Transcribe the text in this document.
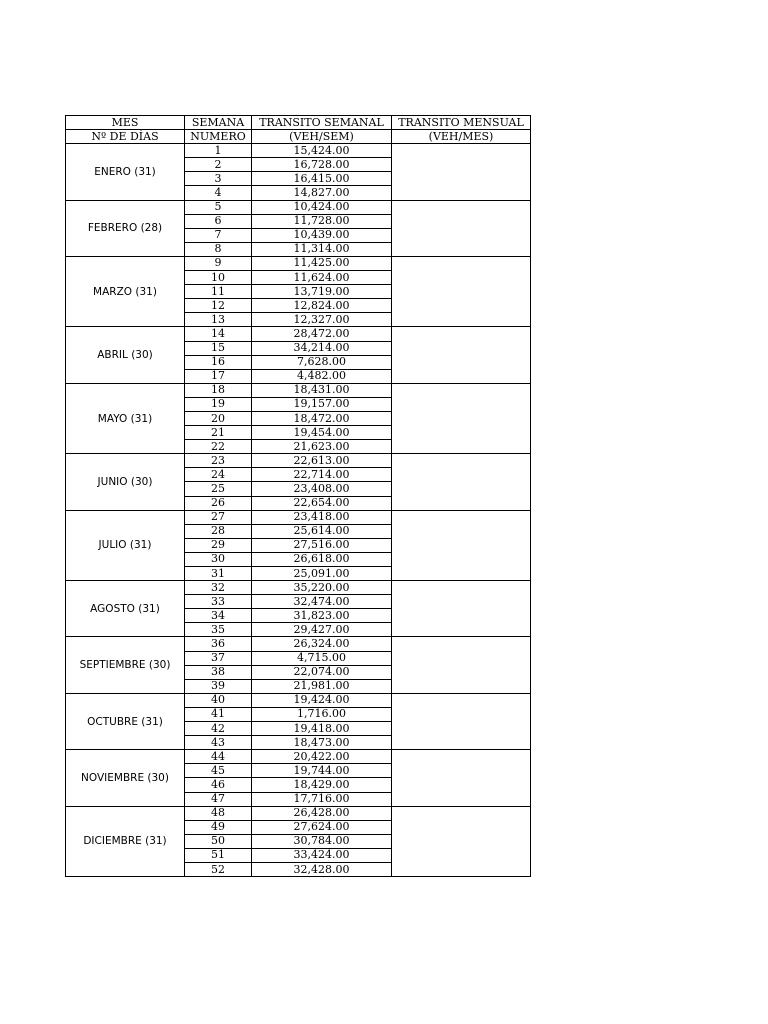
MES	SEMANA	TRANSITO SEMANAL	TRANSITO MENSUAL
Nº DE DÍAS	NUMERO	(VEH/SEM)	(VEH/MES)
ENERO (31)	1	15,424.00	
	2	16,728.00	
	3	16,415.00	
	4	14,827.00	
FEBRERO (28)	5	10,424.00	
	6	11,728.00	
	7	10,439.00	
	8	11,314.00	
MARZO (31)	9	11,425.00	
	10	11,624.00	
	11	13,719.00	
	12	12,824.00	
	13	12,327.00	
ABRIL (30)	14	28,472.00	
	15	34,214.00	
	16	7,628.00	
	17	4,482.00	
MAYO (31)	18	18,431.00	
	19	19,157.00	
	20	18,472.00	
	21	19,454.00	
	22	21,623.00	
JUNIO (30)	23	22,613.00	
	24	22,714.00	
	25	23,408.00	
	26	22,654.00	
JULIO (31)	27	23,418.00	
	28	25,614.00	
	29	27,516.00	
	30	26,618.00	
	31	25,091.00	
AGOSTO (31)	32	35,220.00	
	33	32,474.00	
	34	31,823.00	
	35	29,427.00	
SEPTIEMBRE (30)	36	26,324.00	
	37	4,715.00	
	38	22,074.00	
	39	21,981.00	
OCTUBRE (31)	40	19,424.00	
	41	1,716.00	
	42	19,418.00	
	43	18,473.00	
NOVIEMBRE (30)	44	20,422.00	
	45	19,744.00	
	46	18,429.00	
	47	17,716.00	
DICIEMBRE (31)	48	26,428.00	
	49	27,624.00	
	50	30,784.00	
	51	33,424.00	
	52	32,428.00	
